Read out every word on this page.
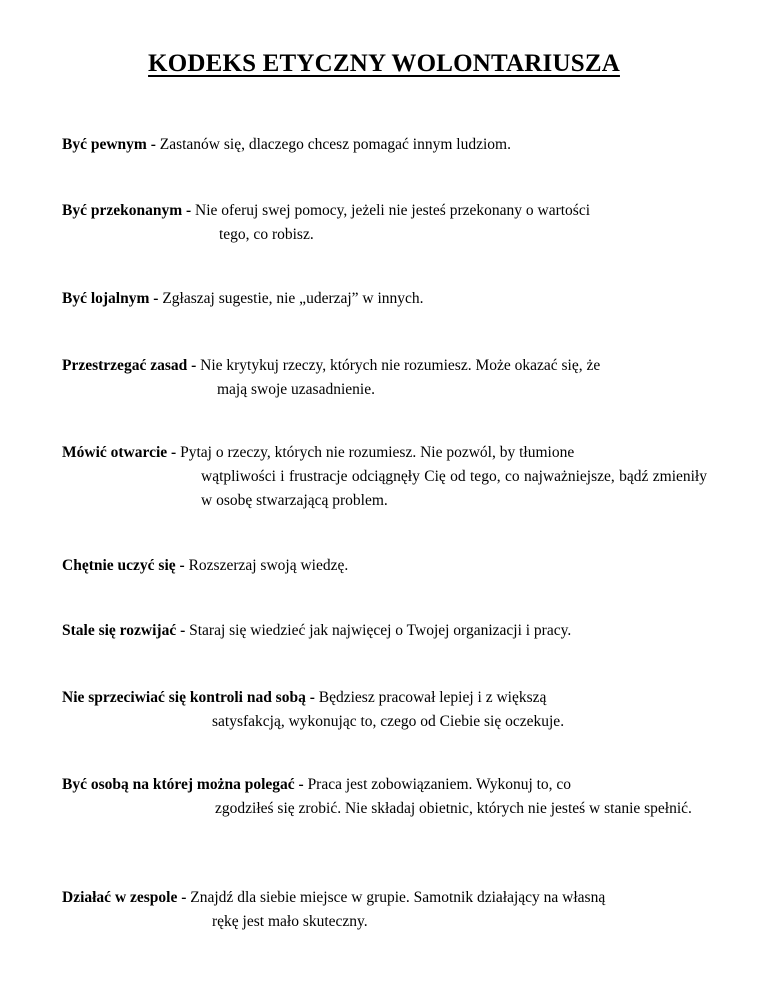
KODEKS ETYCZNY WOLONTARIUSZA

Być pewnym - Zastanów się, dlaczego chcesz pomagać innym ludziom.

Być przekonanym - Nie oferuj swej pomocy, jeżeli nie jesteś przekonany o wartości
tego, co robisz.

Być lojalnym - Zgłaszaj sugestie, nie „uderzaj” w innych.

Przestrzegać zasad - Nie krytykuj rzeczy, których nie rozumiesz. Może okazać się, że
mają swoje uzasadnienie.

Mówić otwarcie - Pytaj o rzeczy, których nie rozumiesz. Nie pozwól, by tłumione
wątpliwości i frustracje odciągnęły Cię od tego, co najważniejsze, bądź zmieniły w osobę stwarzającą problem.

Chętnie uczyć się - Rozszerzaj swoją wiedzę.

Stale się rozwijać - Staraj się wiedzieć jak najwięcej o Twojej organizacji i pracy.

Nie sprzeciwiać się kontroli nad sobą - Będziesz pracował lepiej i z większą
satysfakcją, wykonując to, czego od Ciebie się oczekuje.

Być osobą na której można polegać - Praca jest zobowiązaniem. Wykonuj to, co
zgodziłeś się zrobić. Nie składaj obietnic, których nie jesteś w stanie spełnić.

Działać w zespole - Znajdź dla siebie miejsce w grupie. Samotnik działający na własną
rękę jest mało skuteczny.
